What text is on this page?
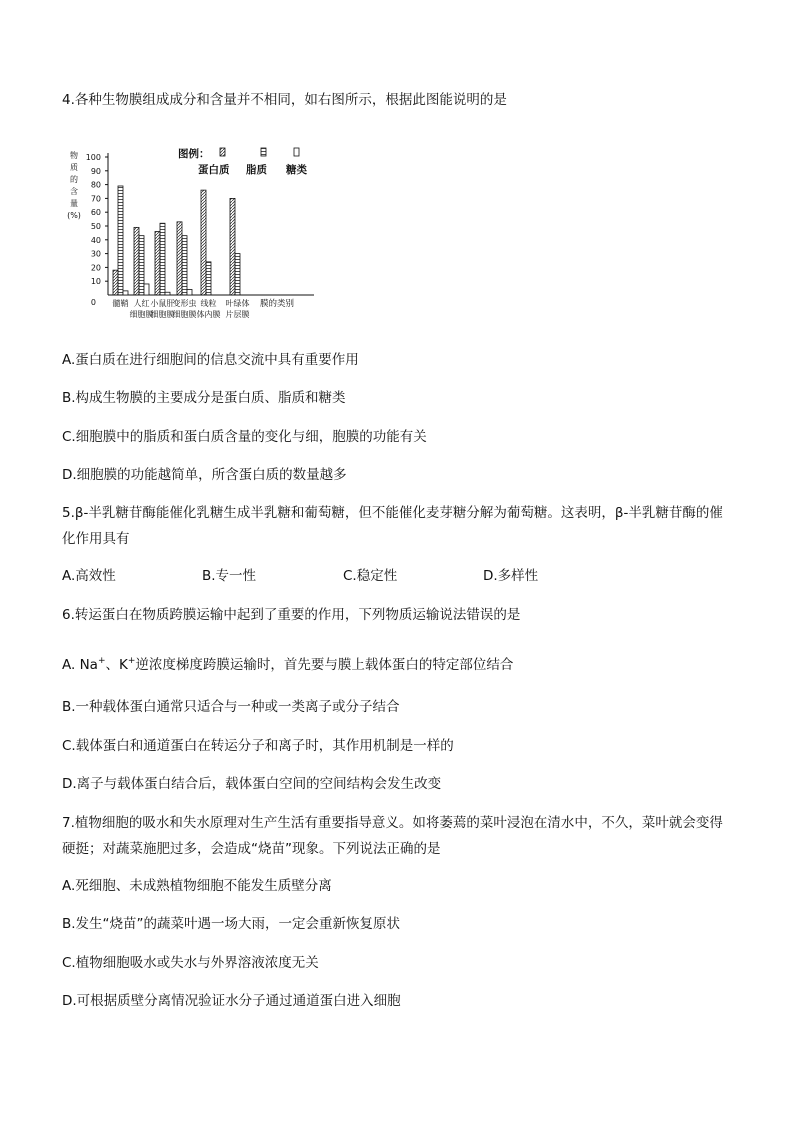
4.各种生物膜组成成分和含量并不相同，如右图所示，根据此图能说明的是
物
质
的
含
量
(%)
0
10
20
30
40
50
60
70
80
90
100
髓鞘 人红
细胞膜
小鼠肝
细胞膜
变形虫
细胞膜
线粒
体内膜
叶绿体
片层膜
膜的类别
图例：
蛋白质 脂质 糖类
A.蛋白质在进行细胞间的信息交流中具有重要作用
B.构成生物膜的主要成分是蛋白质、脂质和糖类
C.细胞膜中的脂质和蛋白质含量的变化与细，胞膜的功能有关
D.细胞膜的功能越简单，所含蛋白质的数量越多
5.β-半乳糖苷酶能催化乳糖生成半乳糖和葡萄糖，但不能催化麦芽糖分解为葡萄糖。这表明，β-半乳糖苷酶的催化作用具有
A.高效性	B.专一性	C.稳定性	D.多样性
6.转运蛋白在物质跨膜运输中起到了重要的作用，下列物质运输说法错误的是
A. Na+、K+逆浓度梯度跨膜运输时，首先要与膜上载体蛋白的特定部位结合
B.一种载体蛋白通常只适合与一种或一类离子或分子结合
C.载体蛋白和通道蛋白在转运分子和离子时，其作用机制是一样的
D.离子与载体蛋白结合后，载体蛋白空间的空间结构会发生改变
7.植物细胞的吸水和失水原理对生产生活有重要指导意义。如将萎蔫的菜叶浸泡在清水中，不久，菜叶就会变得硬挺；对蔬菜施肥过多，会造成“烧苗”现象。下列说法正确的是
A.死细胞、未成熟植物细胞不能发生质壁分离
B.发生“烧苗”的蔬菜叶遇一场大雨，一定会重新恢复原状
C.植物细胞吸水或失水与外界溶液浓度无关
D.可根据质壁分离情况验证水分子通过通道蛋白进入细胞
